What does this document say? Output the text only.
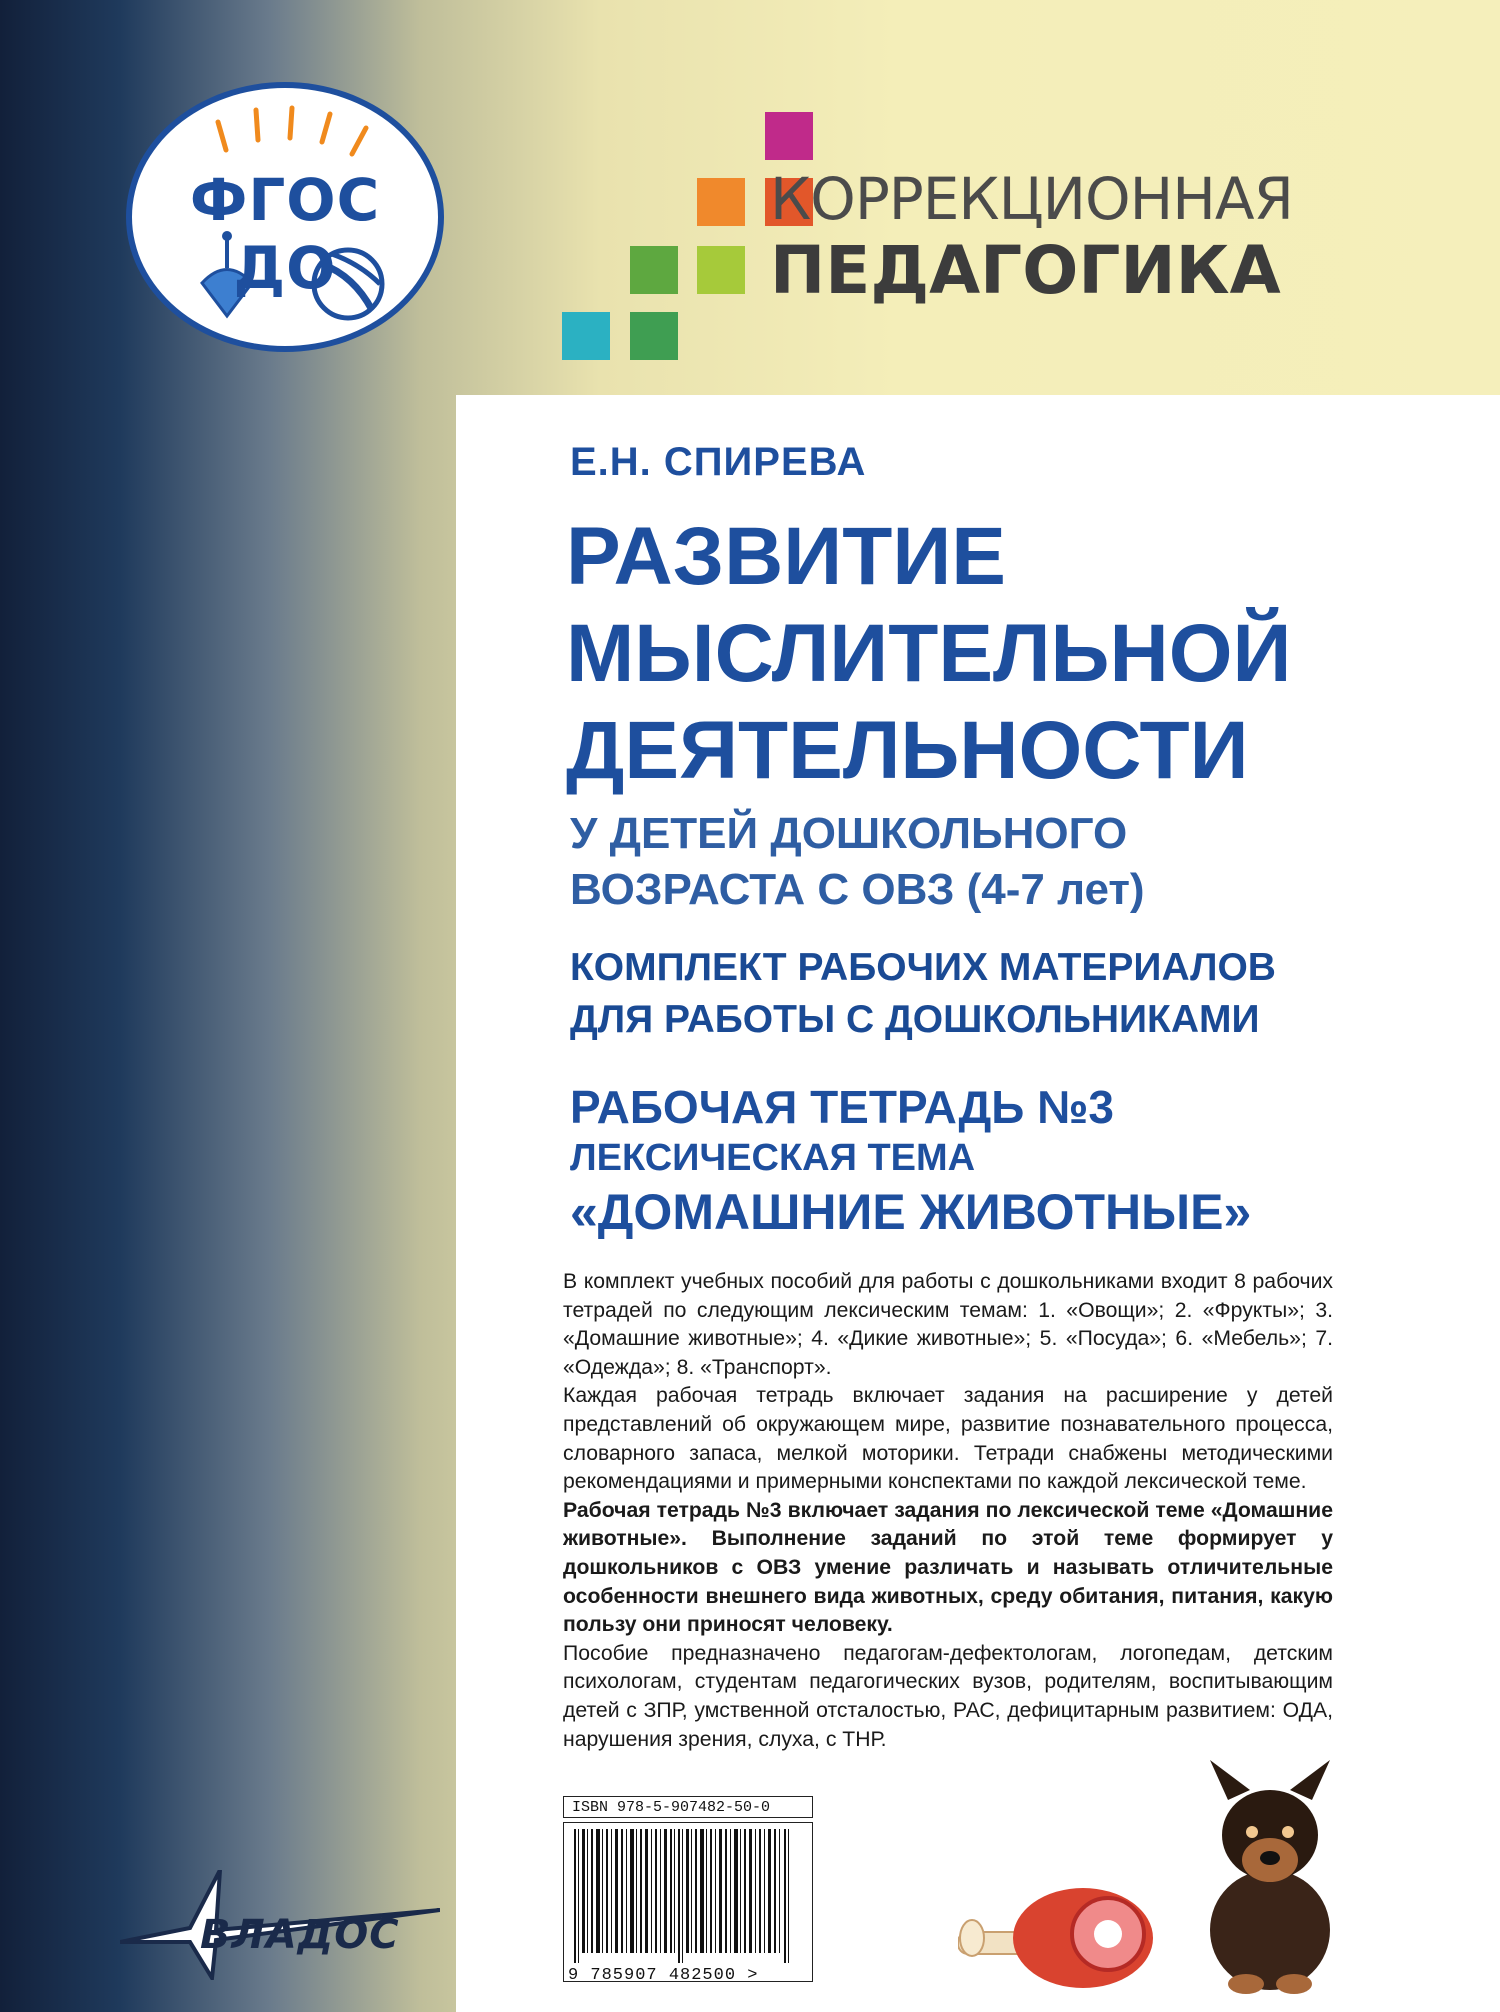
ФГОС ДО
КОРРЕКЦИОННАЯ
ПЕДАГОГИКА
Е.Н. СПИРЕВА
РАЗВИТИЕ
МЫСЛИТЕЛЬНОЙ
ДЕЯТЕЛЬНОСТИ
У ДЕТЕЙ ДОШКОЛЬНОГО
ВОЗРАСТА С ОВЗ (4-7 лет)
КОМПЛЕКТ РАБОЧИХ МАТЕРИАЛОВ
ДЛЯ РАБОТЫ С ДОШКОЛЬНИКАМИ
РАБОЧАЯ ТЕТРАДЬ №3
ЛЕКСИЧЕСКАЯ ТЕМА
«ДОМАШНИЕ ЖИВОТНЫЕ»

В комплект учебных пособий для работы с дошкольниками входит 8 рабочих тетрадей по следующим лексическим темам: 1. «Овощи»; 2. «Фрукты»; 3. «Домашние животные»; 4. «Дикие животные»; 5. «Посуда»; 6. «Мебель»; 7. «Одежда»; 8. «Транспорт».

Каждая рабочая тетрадь включает задания на расширение у детей представлений об окружающем мире, развитие познавательного процесса, словарного запаса, мелкой моторики. Тетради снабжены методическими рекомендациями и примерными конспектами по каждой лексической теме.

Рабочая тетрадь №3 включает задания по лексической теме «Домашние животные». Выполнение заданий по этой теме формирует у дошкольников с ОВЗ умение различать и называть отличительные особенности внешнего вида животных, среду обитания, питания, какую пользу они приносят человеку.

Пособие предназначено педагогам-дефектологам, логопедам, детским психологам, студентам педагогических вузов, родителям, воспитывающим детей с ЗПР, умственной отсталостью, РАС, дефицитарным развитием: ОДА, нарушения зрения, слуха, с ТНР.

ISBN 978-5-907482-50-0
9 785907 482500 >
ВЛАДОС
